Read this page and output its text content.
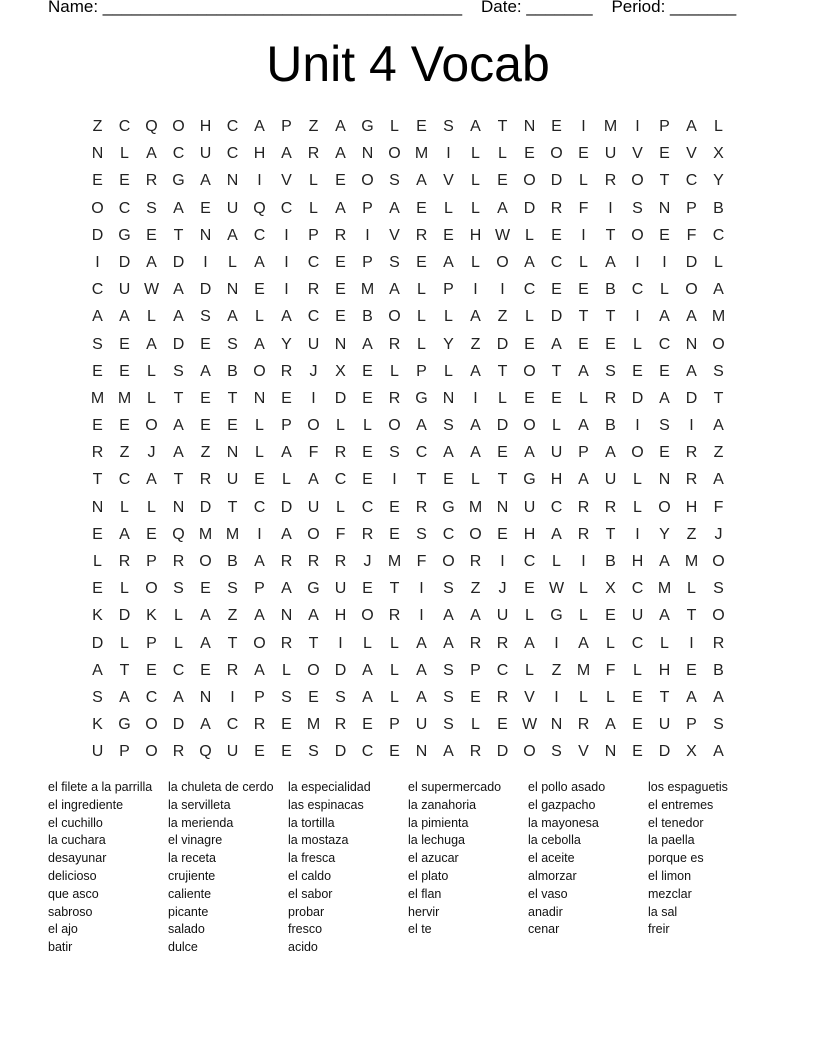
Name: ______________________________________ Date: _______ Period: _______
Unit 4 Vocab
Z	C Q O H C A	P	Z	A G	L	E	S	A	T	N E	I	M	I	P	A	L
N	L	A C U C H A R A N O M	I	L	L	E O E U V	E	V	X
E	E R G A N	I	V	L	E O S	A	V	L	E O D	L	R O T	C Y
O C S	A	E U Q C	L	A	P	A	E	L	L	A D R	F	I	S N P	B
D G E	T	N A C	I	P R	I	V R E H W L	E	I	T O E	F	C
I	D A D	I	L	A	I	C E	P	S	E	A	L	O A C	L	A	I	I	D	L
C U W A D N E	I	R E M A	L	P	I	I	C E	E	B C	L	O A
A	A	L	A	S	A	L	A C E	B O	L	L	A	Z	L	D	T	T	I	A	A M
S	E	A D E	S	A	Y U N A R	L	Y	Z	D E	A	E	E	L	C N O
E	E	L	S	A	B O R	J	X	E	L	P	L	A	T O T	A	S	E	E	A	S
M M L	T	E	T	N E	I	D E R G N	I	L	E	E	L	R D A D	T
E	E O A	E	E	L	P O	L	L	O A	S	A D O	L	A	B	I	S	I	A
R	Z	J	A	Z	N	L	A	F	R E	S C A	A	E	A U P	A O E R	Z
T	C A	T	R U E	L	A C E	I	T	E	L	T G H A U	L	N R A
N	L	L	N D	T	C D U	L	C E R G M N U C R R	L	O H	F
E	A	E Q M M	I	A O F	R E	S C O E H A R	T	I	Y	Z	J
L	R P R O B	A R R R	J	M F O R	I	C	L	I	B H A M O
E	L	O S	E	S	P	A G U E	T	I	S	Z	J	E W L	X C M L	S
K D K	L	A	Z	A N A H O R	I	A	A U	L	G	L	E U A	T O
D	L	P	L	A	T O R	T	I	L	L	A	A R R A	I	A	L	C	L	I	R
A	T	E C E R A	L	O D A	L	A	S	P C	L	Z M F	L	H E	B
S	A C A N	I	P	S	E	S	A	L	A	S	E R V	I	L	L	E	T	A	A
K G O D A C R E M R E	P U S	L	E W N R A	E U P	S
U P O R Q U E	E	S D C E N A R D O S	V N E D X	A
el filete a la parrilla
el ingrediente
el cuchillo
la cuchara
desayunar
delicioso
que asco
sabroso
el ajo
batir
la chuleta de cerdo
la servilleta
la merienda
el vinagre
la receta
crujiente
caliente
picante
salado
dulce
la especialidad
las espinacas
la tortilla
la mostaza
la fresca
el caldo
el sabor
probar
fresco
acido
el supermercado
la zanahoria
la pimienta
la lechuga
el azucar
el plato
el flan
hervir
el te
el pollo asado
el gazpacho
la mayonesa
la cebolla
el aceite
almorzar
el vaso
anadir
cenar
los espaguetis
el entremes
el tenedor
la paella
porque es
el limon
mezclar
la sal
freir
